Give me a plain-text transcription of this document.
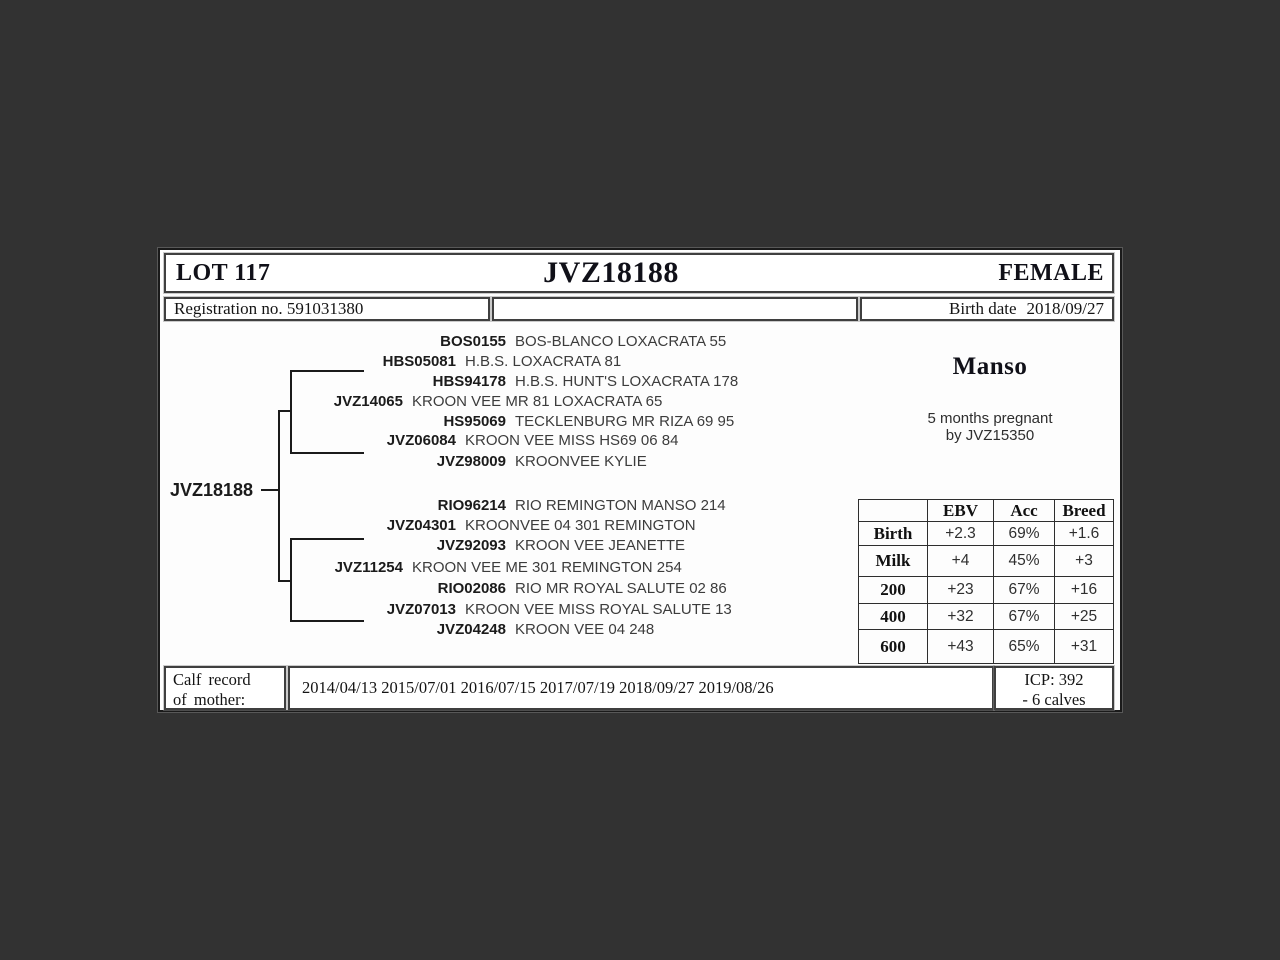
LOT 117	JVZ18188	FEMALE
Registration no. 591031380	Birth date 2018/09/27
JVZ18188
BOS0155 BOS-BLANCO LOXACRATA 55
HBS05081 H.B.S. LOXACRATA 81
HBS94178 H.B.S. HUNT'S LOXACRATA 178
JVZ14065 KROON VEE MR 81 LOXACRATA 65
HS95069 TECKLENBURG MR RIZA 69 95
JVZ06084 KROON VEE MISS HS69 06 84
JVZ98009 KROONVEE KYLIE
RIO96214 RIO REMINGTON MANSO 214
JVZ04301 KROONVEE 04 301 REMINGTON
JVZ92093 KROON VEE JEANETTE
JVZ11254 KROON VEE ME 301 REMINGTON 254
RIO02086 RIO MR ROYAL SALUTE 02 86
JVZ07013 KROON VEE MISS ROYAL SALUTE 13
JVZ04248 KROON VEE 04 248
Manso
5 months pregnant
by JVZ15350
	EBV	Acc	Breed
Birth	+2.3	69%	+1.6
Milk	+4	45%	+3
200	+23	67%	+16
400	+32	67%	+25
600	+43	65%	+31
Calf record
of mother:
2014/04/13 2015/07/01 2016/07/15 2017/07/19 2018/09/27 2019/08/26	ICP: 392
- 6 calves
